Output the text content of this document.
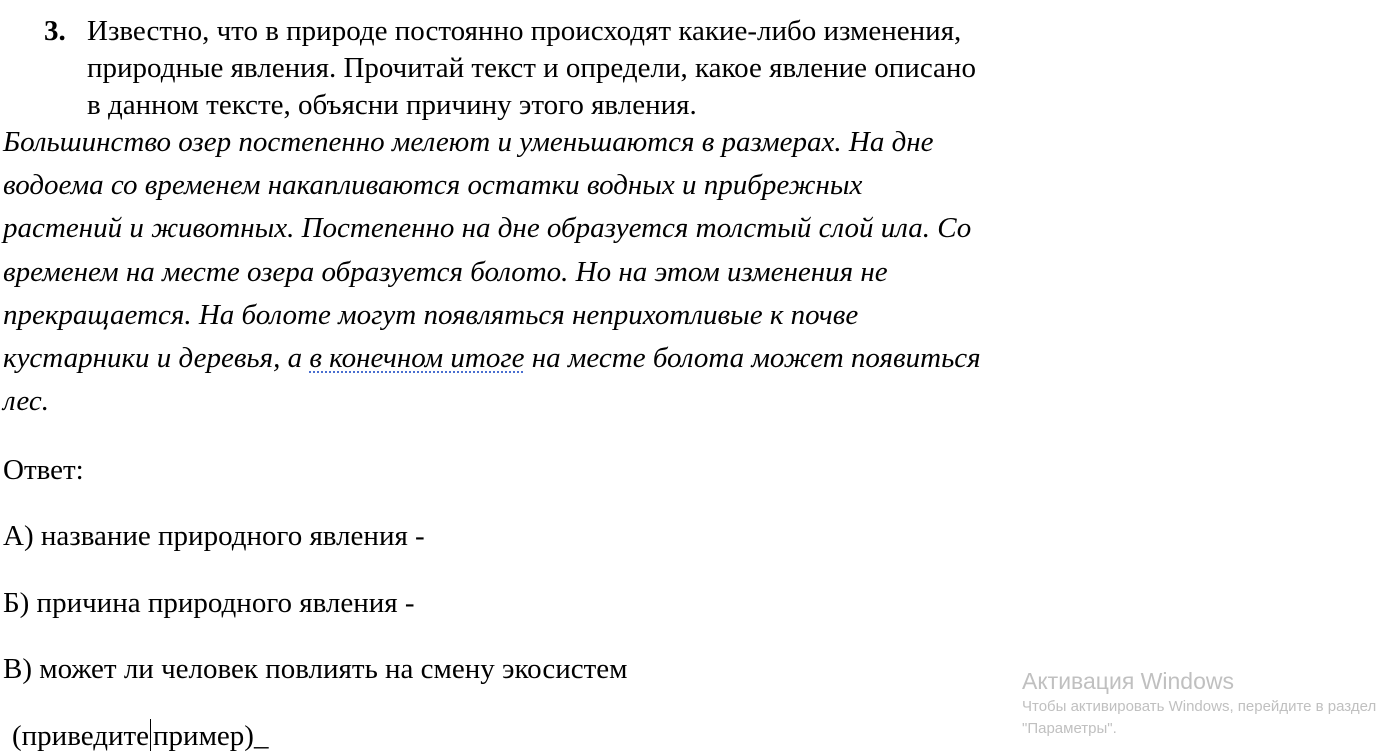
3. Известно, что в природе постоянно происходят какие-либо изменения,
природные явления. Прочитай текст и определи, какое явление описано
в данном тексте, объясни причину этого явления.
Большинство озер постепенно мелеют и уменьшаются в размерах. На дне
водоема со временем накапливаются остатки водных и прибрежных
растений и животных. Постепенно на дне образуется толстый слой ила. Со
временем на месте озера образуется болото. Но на этом изменения не
прекращается. На болоте могут появляться неприхотливые к почве
кустарники и деревья, а в конечном итоге на месте болота может появиться
лес.
Ответ:
А) название природного явления -
Б) причина природного явления -
В) может ли человек повлиять на смену экосистем
(приведите пример)_
Активация Windows
Чтобы активировать Windows, перейдите в раздел
"Параметры".
